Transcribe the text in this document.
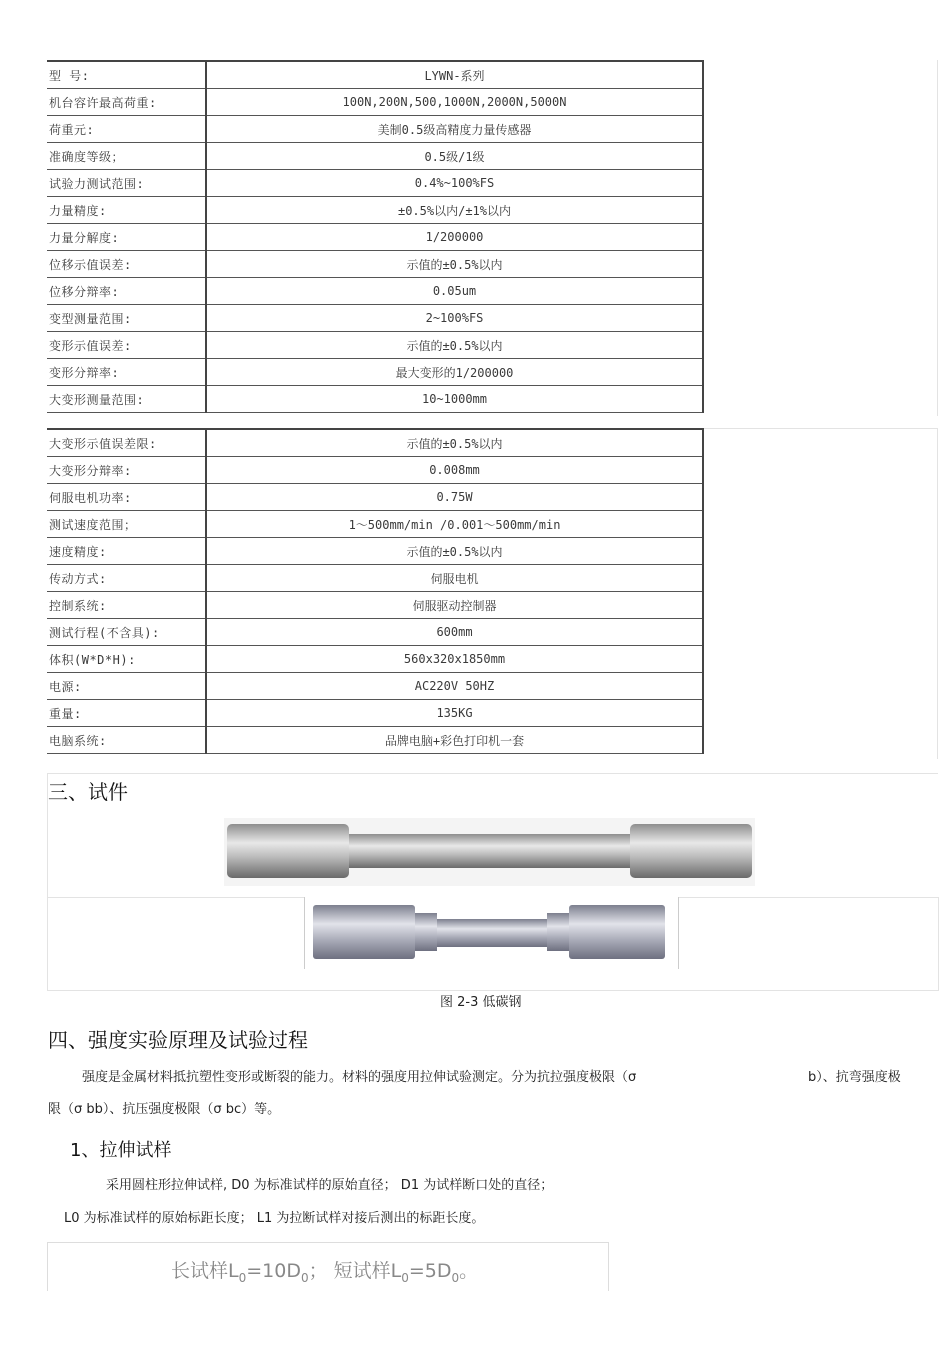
型 号:	LYWN-系列
机台容许最高荷重:	100N,200N,500,1000N,2000N,5000N
荷重元:	美制0.5级高精度力量传感器
准确度等级；	0.5级/1级
试验力测试范围:	0.4%~100%FS
力量精度:	±0.5%以内/±1%以内
力量分解度:	1/200000
位移示值误差:	示值的±0.5%以内
位移分辩率:	0.05um
变型测量范围:	2~100%FS
变形示值误差:	示值的±0.5%以内
变形分辩率:	最大变形的1/200000
大变形测量范围:	10~1000mm
大变形示值误差限:	示值的±0.5%以内
大变形分辩率:	0.008mm
伺服电机功率:	0.75W
测试速度范围；	1～500mm/min /0.001～500mm/min
速度精度:	示值的±0.5%以内
传动方式:	伺服电机
控制系统:	伺服驱动控制器
测试行程(不含具):	600mm
体积(W*D*H):	560x320x1850mm
电源:	AC220V 50HZ
重量:	135KG
电脑系统:	品牌电脑+彩色打印机一套
三、试件
图 2-3 低碳钢
四、强度实验原理及试验过程
强度是金属材料抵抗塑性变形或断裂的能力。材料的强度用拉伸试验测定。分为抗拉强度极限（σ	b）、抗弯强度极
限（σ bb）、抗压强度极限（σ bc）等。
1、拉伸试样
采用圆柱形拉伸试样, D0 为标准试样的原始直径； D1 为试样断口处的直径；
L0 为标准试样的原始标距长度； L1 为拉断试样对接后测出的标距长度。
长试样$L_0=10D_0$； 短试样$L_0=5D_0$。
